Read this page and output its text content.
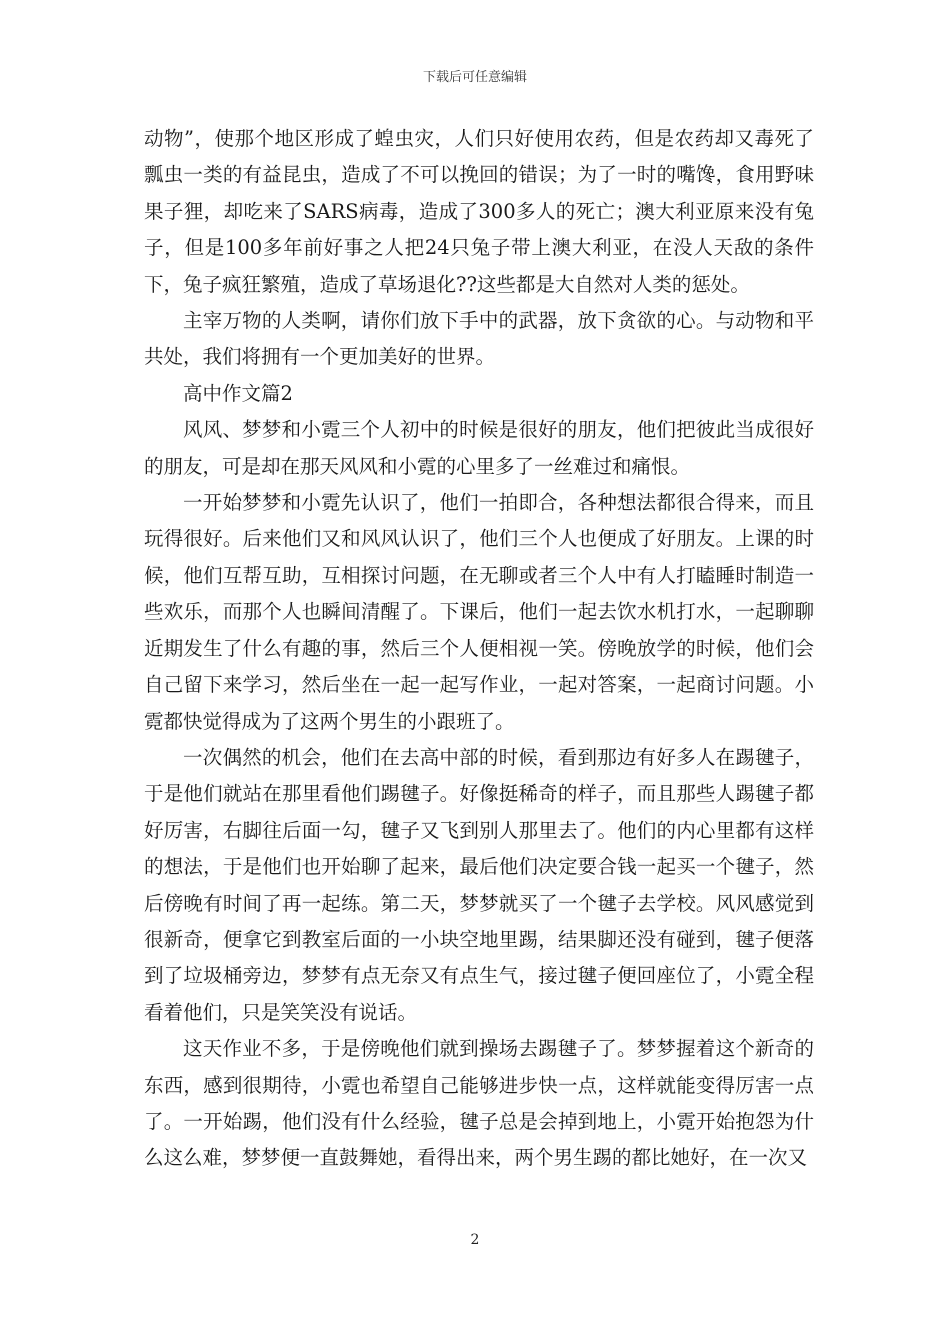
下载后可任意编辑

动物”，使那个地区形成了蝗虫灾，人们只好使用农药，但是农药却又毒死了瓢虫一类的有益昆虫，造成了不可以挽回的错误；为了一时的嘴馋，食用野味果子狸，却吃来了SARS病毒，造成了300多人的死亡；澳大利亚原来没有兔子，但是100多年前好事之人把24只兔子带上澳大利亚，在没人天敌的条件下，兔子疯狂繁殖，造成了草场退化??这些都是大自然对人类的惩处。

主宰万物的人类啊，请你们放下手中的武器，放下贪欲的心。与动物和平共处，我们将拥有一个更加美好的世界。

高中作文篇2

风风、梦梦和小霓三个人初中的时候是很好的朋友，他们把彼此当成很好的朋友，可是却在那天风风和小霓的心里多了一丝难过和痛恨。

一开始梦梦和小霓先认识了，他们一拍即合，各种想法都很合得来，而且玩得很好。后来他们又和风风认识了，他们三个人也便成了好朋友。上课的时候，他们互帮互助，互相探讨问题，在无聊或者三个人中有人打瞌睡时制造一些欢乐，而那个人也瞬间清醒了。下课后，他们一起去饮水机打水，一起聊聊近期发生了什么有趣的事，然后三个人便相视一笑。傍晚放学的时候，他们会自己留下来学习，然后坐在一起一起写作业，一起对答案，一起商讨问题。小霓都快觉得成为了这两个男生的小跟班了。

一次偶然的机会，他们在去高中部的时候，看到那边有好多人在踢毽子，于是他们就站在那里看他们踢毽子。好像挺稀奇的样子，而且那些人踢毽子都好厉害，右脚往后面一勾，毽子又飞到别人那里去了。他们的内心里都有这样的想法，于是他们也开始聊了起来，最后他们决定要合钱一起买一个毽子，然后傍晚有时间了再一起练。第二天，梦梦就买了一个毽子去学校。风风感觉到很新奇，便拿它到教室后面的一小块空地里踢，结果脚还没有碰到，毽子便落到了垃圾桶旁边，梦梦有点无奈又有点生气，接过毽子便回座位了，小霓全程看着他们，只是笑笑没有说话。

这天作业不多，于是傍晚他们就到操场去踢毽子了。梦梦握着这个新奇的东西，感到很期待，小霓也希望自己能够进步快一点，这样就能变得厉害一点了。一开始踢，他们没有什么经验，毽子总是会掉到地上，小霓开始抱怨为什么这么难，梦梦便一直鼓舞她，看得出来，两个男生踢的都比她好，在一次又

2
